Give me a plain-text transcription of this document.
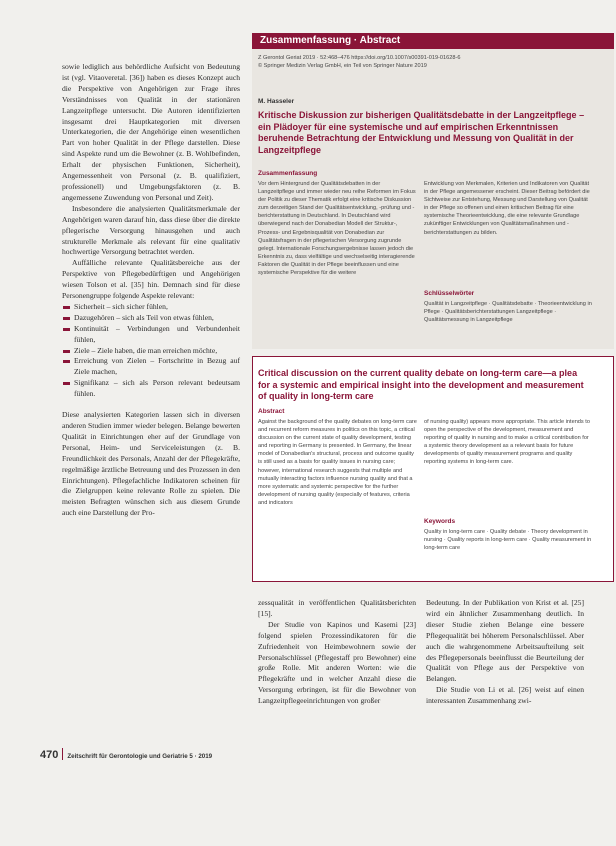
sowie lediglich aus behördliche Aufsicht von Bedeutung ist (vgl. Vitaoveretal. [36]) haben es dieses Konzept auch die Perspektive von Angehörigen zur Frage ihres Verständnisses von Qualität in der stationären Langzeitpflege untersucht. Die Autoren identifizierten insgesamt drei Hauptkategorien mit diversen Unterkategorien, die der Angehörige einen wesentlichen Part von hoher Qualität in der Pflege darstellen. Diese sind Aspekte rund um die Bewohner (z. B. Wohlbefinden, Erhalt der physischen Funktionen, Sicherheit), Angemessenheit von Personal (z. B. qualifiziert, professionell) und Umgebungsfaktoren (z. B. angemessene Zuwendung von Personal und Zeit).

Insbesondere die analysierten Qualitätsmerkmale der Angehörigen waren darauf hin, dass diese über die direkte pflegerische Versorgung hinausgehen und auch strukturelle Merkmale als relevant für eine qualitativ hochwertige Versorgung betrachtet werden.

Auffälliche relevante Qualitätsbereiche aus der Perspektive von Pflegebedürftigen und Angehörigen wiesen Tolson et al. [35] hin. Demnach sind für diese Personengruppe folgende Aspekte relevant:

Sicherheit – sich sicher fühlen,
Dazugehören – sich als Teil von etwas fühlen,
Kontinuität – Verbindungen und Verbundenheit fühlen,
Ziele – Ziele haben, die man erreichen möchte,
Erreichung von Zielen – Fortschritte in Bezug auf Ziele machen,
Signifikanz – sich als Person relevant bedeutsam fühlen.

Diese analysierten Kategorien lassen sich in diversen anderen Studien immer wieder belegen. Belange bewerten Qualität in Einrichtungen eher auf der Grundlage von Personal, Heim- und Serviceleistungen (z. B. Freundlichkeit des Personals, Anzahl der der Pflegekräfte, regelmäßige ärztliche Betreuung und des Prozessen in den Einrichtungen). Pflegefachliche Indikatoren scheinen für die Zielgruppen keine relevante Rolle zu spielen. Die meisten Befragten wünschen sich aus diesem Grunde auch eine Darstellung der Pro-

Zusammenfassung · Abstract
Z Gerontol Geriat 2019 · 52:468–476 https://doi.org/10.1007/s00391-019-01628-6
© Springer Medizin Verlag GmbH, ein Teil von Springer Nature 2019
M. Hasseler
Kritische Diskussion zur bisherigen Qualitätsdebatte in der Langzeitpflege – ein Plädoyer für eine systemische und auf empirischen Erkenntnissen beruhende Betrachtung der Entwicklung und Messung von Qualität in der Langzeitpflege
Zusammenfassung
Vor dem Hintergrund der Qualitätsdebatten in der Langzeitpflege und immer wieder neu reihe Reformen im Fokus der Politik zu dieser Thematik erfolgt eine kritische Diskussion zum derzeitigen Stand der Qualitätsentwicklung, -prüfung und -berichterstattung in Deutschland. In Deutschland wird überwiegend nach der Donabedian Modell der Struktur-, Prozess- und Ergebnisqualität von Donabedian zur Qualitätsfragen in der pflegerischen Versorgung zugrunde gelegt. Internationale Forschungsergebnisse lassen jedoch die Erkenntnis zu, dass vielfältige und wechselseitig interagierende Faktoren die Qualität in der Pflege beeinflussen und eine systemische Perspektive für die weitere
Entwicklung von Merkmalen, Kriterien und Indikatoren von Qualität in der Pflege angemessener erscheint. Dieser Beitrag befördert die Sichtweise zur Entstehung, Messung und Darstellung von Qualität in der Pflege so offenen und einen kritischen Beitrag für eine systemische Theorieentwicklung, die eine relevante Grundlage zukünftiger Entwicklungen von Qualitätsmaßnahmen und -berichterstattungen zu bilden.
Schlüsselwörter
Qualität in Langzeitpflege · Qualitätsdebatte · Theorieentwicklung in Pflege · Qualitätsberichterstattungen Langzeitpflege · Qualitätsmessung in Langzeitpflege
Critical discussion on the current quality debate on long-term care—a plea for a systemic and empirical insight into the development and measurement of quality in long-term care
Abstract
Against the background of the quality debates on long-term care and recurrent reform measures in politics on this topic, a critical discussion on the current state of quality development, testing and reporting in Germany is presented. In Germany, the linear model of Donabedian's structural, process and outcome quality is still used as a basis for quality issues in nursing care; however, international research suggests that multiple and mutually interacting factors influence nursing quality and that a more systematic and systemic perspective for the further development of nursing quality (especially of features, criteria and indicators
of nursing quality) appears more appropriate. This article intends to open the perspective of the development, measurement and reporting of quality in nursing and to make a critical contribution for a systemic theory development as a relevant basis for future developments of quality measurement programs and quality reporting systems in long-term care.
Keywords
Quality in long-term care · Quality debate · Theory development in nursing · Quality reports in long-term care · Quality measurement in long-term care

zessqualität in veröffentlichen Qualitätsberichten [15].

Der Studie von Kapinos und Kasemi [23] folgend spielen Prozessindikatoren für die Zufriedenheit von Heimbewohnern sowie der Personalschlüssel (Pflegestaff pro Bewohner) eine große Rolle. Mit anderen Worten: wie die Pflegekräfte und in welcher Anzahl diese die Versorgung erbringen, ist für die Bewohner von Langzeitpflegeeinrichtungen von großer

Bedeutung. In der Publikation von Krist et al. [25] wird ein ähnlicher Zusammenhang deutlich. In dieser Studie ziehen Belange eine bessere Pflegequalität bei höherem Personalschlüssel. Aber auch die wahrgenommene Arbeitsaufteilung seit des Pflegepersonals beeinflusst die Beurteilung der Qualität von Pflege aus der Perspektive von Belangen.

Die Studie von Li et al. [26] weist auf einen interessanten Zusammenhang zwi-

470 Zeitschrift für Gerontologie und Geriatrie 5 · 2019
